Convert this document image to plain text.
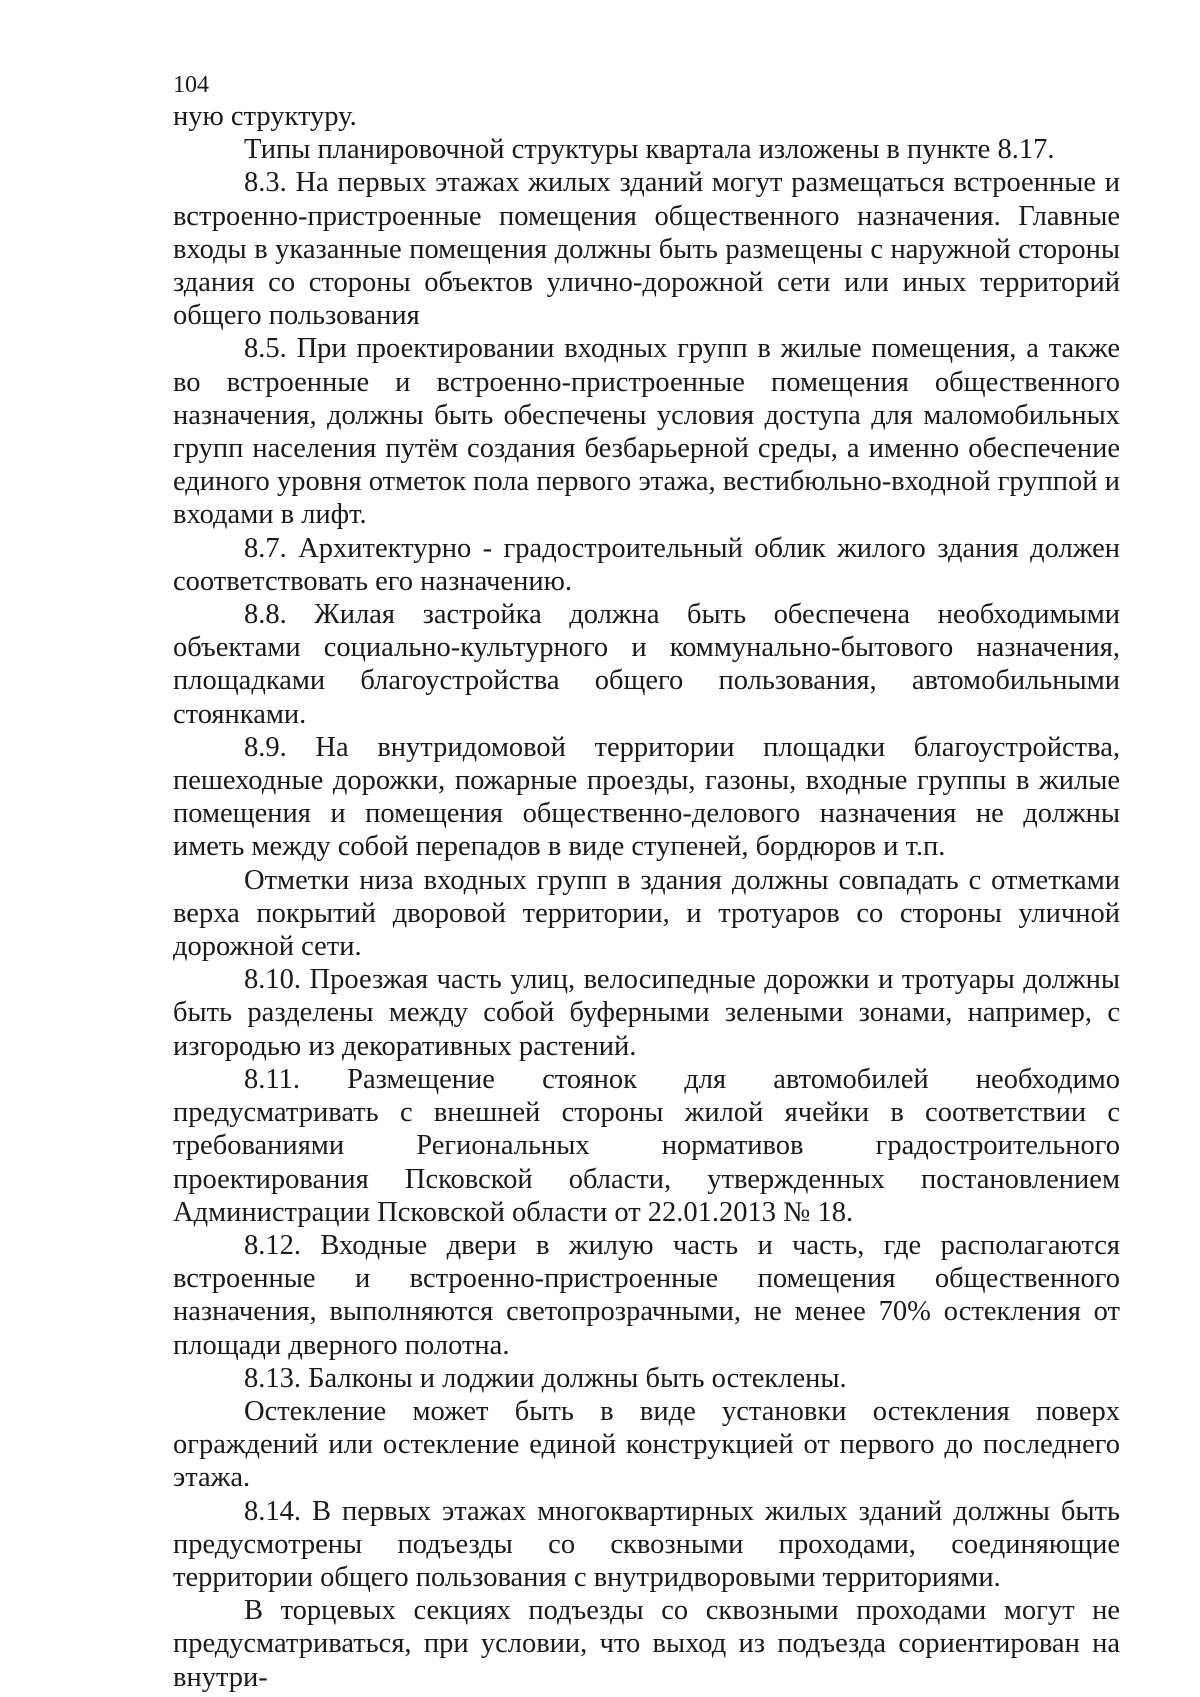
104

ную структуру.

Типы планировочной структуры квартала изложены в пункте 8.17.

8.3. На первых этажах жилых зданий могут размещаться встроенные и встроенно-пристроенные помещения общественного назначения. Главные входы в указанные помещения должны быть размещены с наружной стороны здания со стороны объектов улично-дорожной сети или иных территорий общего пользования

8.5. При проектировании входных групп в жилые помещения, а также во встроенные и встроенно-пристроенные помещения общественного назначения, должны быть обеспечены условия доступа для маломобильных групп населения путём создания безбарьерной среды, а именно обеспечение единого уровня отметок пола первого этажа, вестибюльно-входной группой и входами в лифт.

8.7. Архитектурно - градостроительный облик жилого здания должен соответствовать его назначению.

8.8. Жилая застройка должна быть обеспечена необходимыми объектами социально-культурного и коммунально-бытового назначения, площадками благоустройства общего пользования, автомобильными стоянками.

8.9. На внутридомовой территории площадки благоустройства, пешеходные дорожки, пожарные проезды, газоны, входные группы в жилые помещения и помещения общественно-делового назначения не должны иметь между собой перепадов в виде ступеней, бордюров и т.п.

Отметки низа входных групп в здания должны совпадать с отметками верха покрытий дворовой территории, и тротуаров со стороны уличной дорожной сети.

8.10. Проезжая часть улиц, велосипедные дорожки и тротуары должны быть разделены между собой буферными зелеными зонами, например, с изгородью из декоративных растений.

8.11. Размещение стоянок для автомобилей необходимо предусматривать с внешней стороны жилой ячейки в соответствии с требованиями Региональных нормативов градостроительного проектирования Псковской области, утвержденных постановлением Администрации Псковской области от 22.01.2013 № 18.

8.12. Входные двери в жилую часть и часть, где располагаются встроенные и встроенно-пристроенные помещения общественного назначения, выполняются светопрозрачными, не менее 70% остекления от площади дверного полотна.

8.13. Балконы и лоджии должны быть остеклены.

Остекление может быть в виде установки остекления поверх ограждений или остекление единой конструкцией от первого до последнего этажа.

8.14. В первых этажах многоквартирных жилых зданий должны быть предусмотрены подъезды со сквозными проходами, соединяющие территории общего пользования с внутридворовыми территориями.

В торцевых секциях подъезды со сквозными проходами могут не предусматриваться, при условии, что выход из подъезда сориентирован на внутри-
